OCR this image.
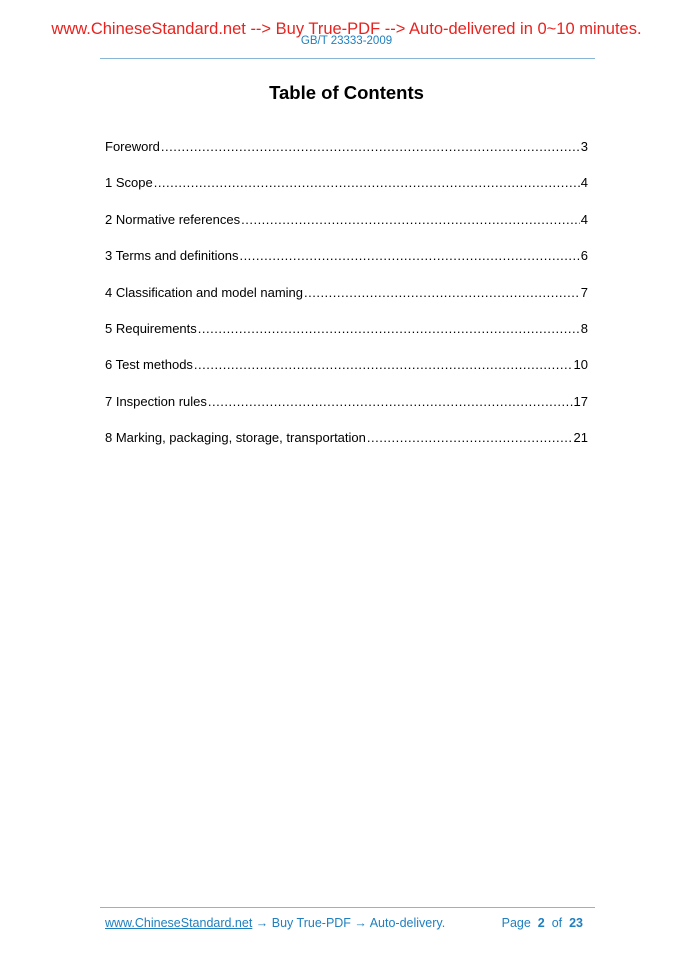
www.ChineseStandard.net --> Buy True-PDF --> Auto-delivered in 0~10 minutes.
GB/T 23333-2009
Table of Contents
Foreword .....	3
1 Scope .....	4
2 Normative references .....	4
3 Terms and definitions .....	6
4 Classification and model naming .....	7
5 Requirements .....	8
6 Test methods .....	10
7 Inspection rules .....	17
8 Marking, packaging, storage, transportation .....	21
www.ChineseStandard.net → Buy True-PDF → Auto-delivery.	Page 2 of 23
